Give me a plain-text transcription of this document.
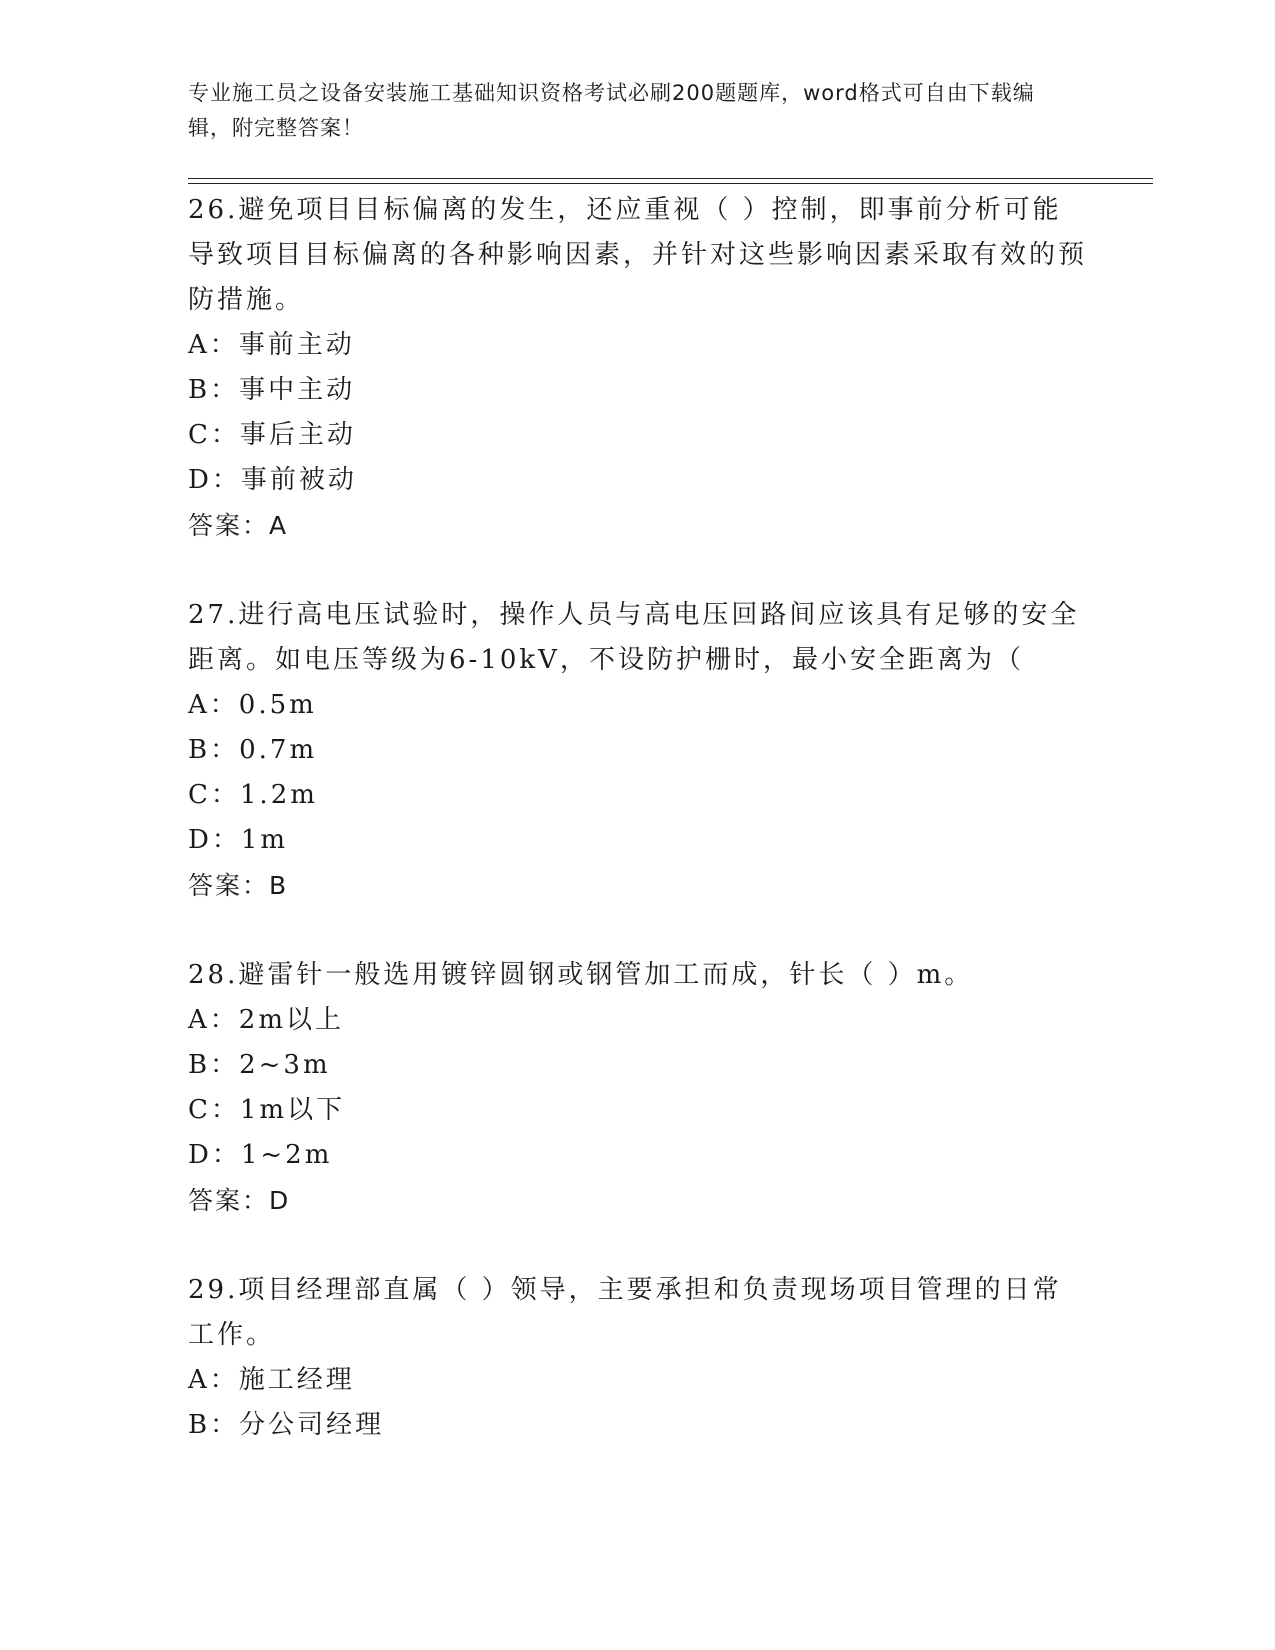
专业施工员之设备安装施工基础知识资格考试必刷200题题库，word格式可自由下载编辑，附完整答案！

26.避免项目目标偏离的发生，还应重视（ ）控制，即事前分析可能导致项目目标偏离的各种影响因素，并针对这些影响因素采取有效的预防措施。

A：事前主动

B：事中主动

C：事后主动

D：事前被动

答案：A

27.进行高电压试验时，操作人员与高电压回路间应该具有足够的安全距离。如电压等级为6-10kV，不设防护栅时，最小安全距离为（

A：0.5m

B：0.7m

C：1.2m

D：1m

答案：B

28.避雷针一般选用镀锌圆钢或钢管加工而成，针长（ ）m。

A：2m以上

B：2~3m

C：1m以下

D：1~2m

答案：D

29.项目经理部直属（ ）领导，主要承担和负责现场项目管理的日常工作。

A：施工经理

B：分公司经理
